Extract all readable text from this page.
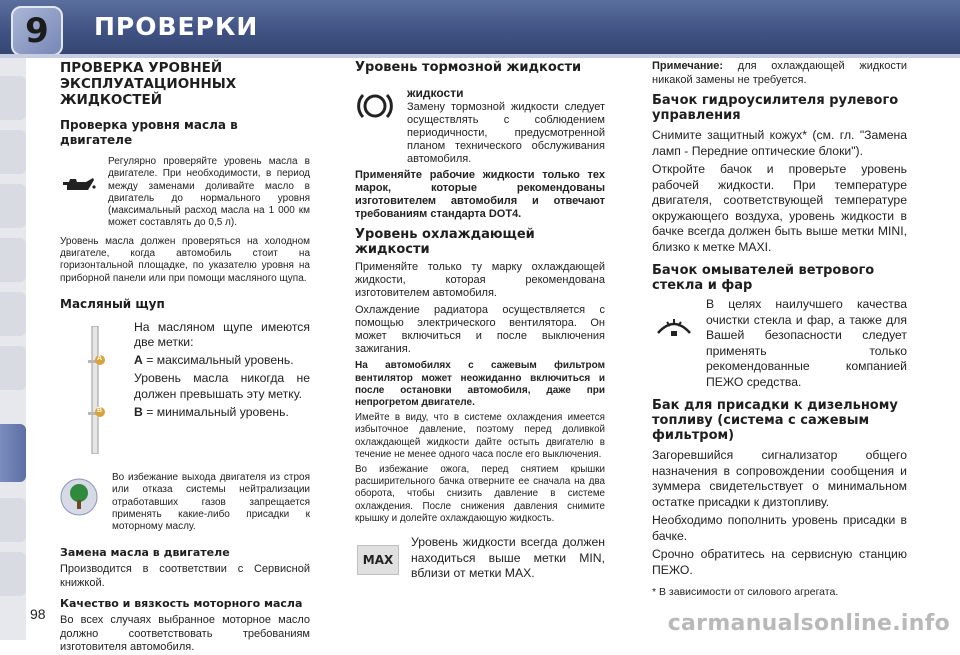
9	ПРОВЕРКИ
ПРОВЕРКА УРОВНЕЙ ЭКСПЛУАТАЦИОННЫХ ЖИДКОСТЕЙ
Проверка уровня масла в двигателе

Регулярно проверяйте уровень масла в двигателе. При необходимости, в период между заменами доливайте масло в двигатель до нормального уровня (максимальный расход масла на 1 000 км может составлять до 0,5 л).

Уровень масла должен проверяться на холодном двигателе, когда автомобиль стоит на горизонтальной площадке, по указателю уровня на приборной панели или при помощи масляного щупа.

Масляный щуп
A
B

На масляном щупе имеются две метки:

A = максимальный уровень.

Уровень масла никогда не должен превышать эту метку.

B = минимальный уровень.

Во избежание выхода двигателя из строя или отказа системы нейтрализации отработавших газов запрещается применять какие-либо присадки к моторному маслу.

Замена масла в двигателе

Производится в соответствии с Сервисной книжкой.

Качество и вязкость моторного масла

Во всех случаях выбранное моторное масло должно соответствовать требованиям изготовителя автомобиля.

Уровень тормозной жидкости

жидкости
Замену тормозной жидкости следует осуществлять с соблюдением периодичности, предусмотренной планом технического обслуживания автомобиля.

Применяйте рабочие жидкости только тех марок, которые рекомендованы изготовителем автомобиля и отвечают требованиям стандарта DOT4.

Уровень охлаждающей жидкости

Применяйте только ту марку охлаждающей жидкости, которая рекомендована изготовителем автомобиля.

Охлаждение радиатора осуществляется с помощью электрического вентилятора. Он может включиться и после выключения зажигания.

На автомобилях с сажевым фильтром вентилятор может неожиданно включиться и после остановки автомобиля, даже при непрогретом двигателе.

Имейте в виду, что в системе охлаждения имеется избыточное давление, поэтому перед доливкой охлаждающей жидкости дайте остыть двигателю в течение не менее одного часа после его выключения.

Во избежание ожога, перед снятием крышки расширительного бачка отверните ее сначала на два оборота, чтобы снизить давление в системе охлаждения. После снижения давления снимите крышку и долейте охлаждающую жидкость.

MAX

Уровень жидкости всегда должен находиться выше метки MIN, вблизи от метки MAX.

Примечание: для охлаждающей жидкости никакой замены не требуется.

Бачок гидроусилителя рулевого управления

Снимите защитный кожух* (см. гл. "Замена ламп - Передние оптические блоки").

Откройте бачок и проверьте уровень рабочей жидкости. При температуре двигателя, соответствующей температуре окружающего воздуха, уровень жидкости в бачке всегда должен быть выше метки MINI, близко к метке MAXI.

Бачок омывателей ветрового стекла и фар

В целях наилучшего качества очистки стекла и фар, а также для Вашей безопасности следует применять только рекомендованные компанией ПЕЖО средства.

Бак для присадки к дизельному топливу (система с сажевым фильтром)

Загоревшийся сигнализатор общего назначения в сопровождении сообщения и зуммера свидетельствует о минимальном остатке присадки к дизтопливу.

Необходимо пополнить уровень присадки в бачке.

Срочно обратитесь на сервисную станцию ПЕЖО.

* В зависимости от силового агрегата.

98	carmanualsonline.info
